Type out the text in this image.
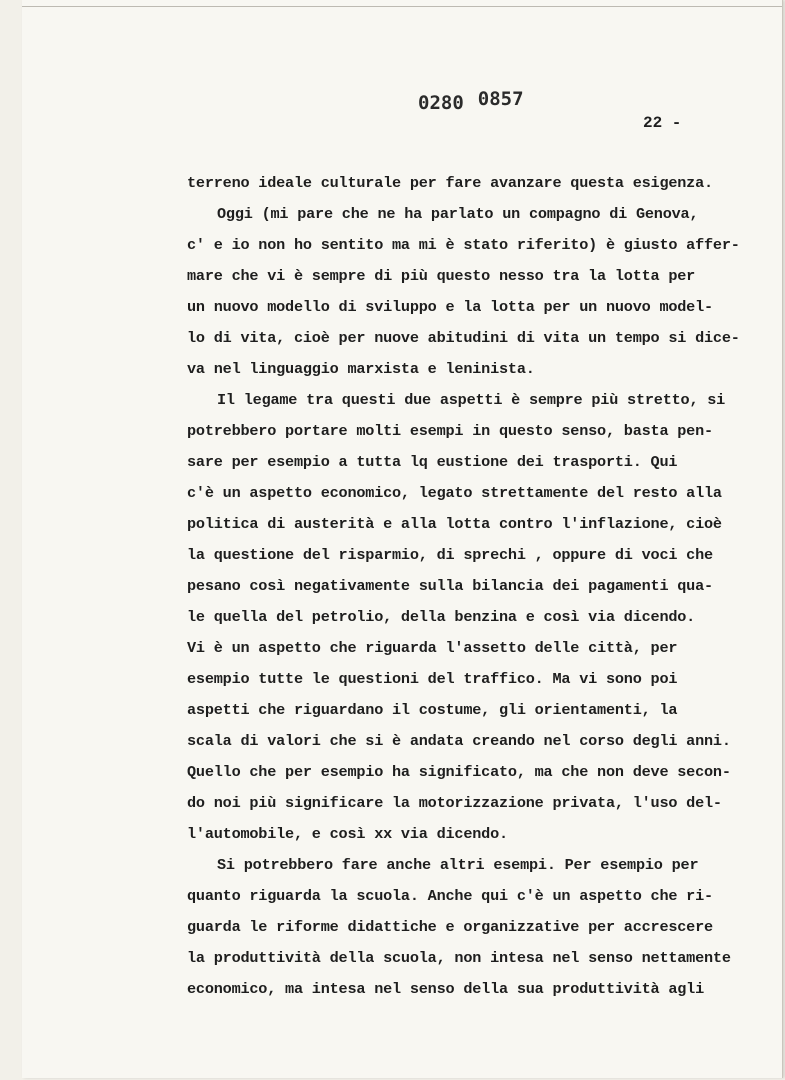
0280 0857
22 -
terreno ideale culturale per fare avanzare questa esigenza.
Oggi (mi pare che ne ha parlato un compagno di Genova,
c' e io non ho sentito ma mi è stato riferito) è giusto affer-
mare che vi è sempre di più questo nesso tra la lotta per
un nuovo modello di sviluppo e la lotta per un nuovo model-
lo di vita, cioè per nuove abitudini di vita un tempo si dice-
va nel linguaggio marxista e leninista.
Il legame tra questi due aspetti è sempre più stretto, si
potrebbero portare molti esempi in questo senso, basta pen-
sare per esempio a tutta lq eustione dei trasporti. Qui
c'è un aspetto economico, legato strettamente del resto alla
politica di austerità e alla lotta contro l'inflazione, cioè
la questione del risparmio, di sprechi , oppure di voci che
pesano così negativamente sulla bilancia dei pagamenti qua-
le quella del petrolio, della benzina e così via dicendo.
Vi è un aspetto che riguarda l'assetto delle città, per
esempio tutte le questioni del traffico. Ma vi sono poi
aspetti che riguardano il costume, gli orientamenti, la
scala di valori che si è andata creando nel corso degli anni.
Quello che per esempio ha significato, ma che non deve secon-
do noi più significare la motorizzazione privata, l'uso del-
l'automobile, e così xx via dicendo.
Si potrebbero fare anche altri esempi. Per esempio per
quanto riguarda la scuola. Anche qui c'è un aspetto che ri-
guarda le riforme didattiche e organizzative per accrescere
la produttività della scuola, non intesa nel senso nettamente
economico, ma intesa nel senso della sua produttività agli
